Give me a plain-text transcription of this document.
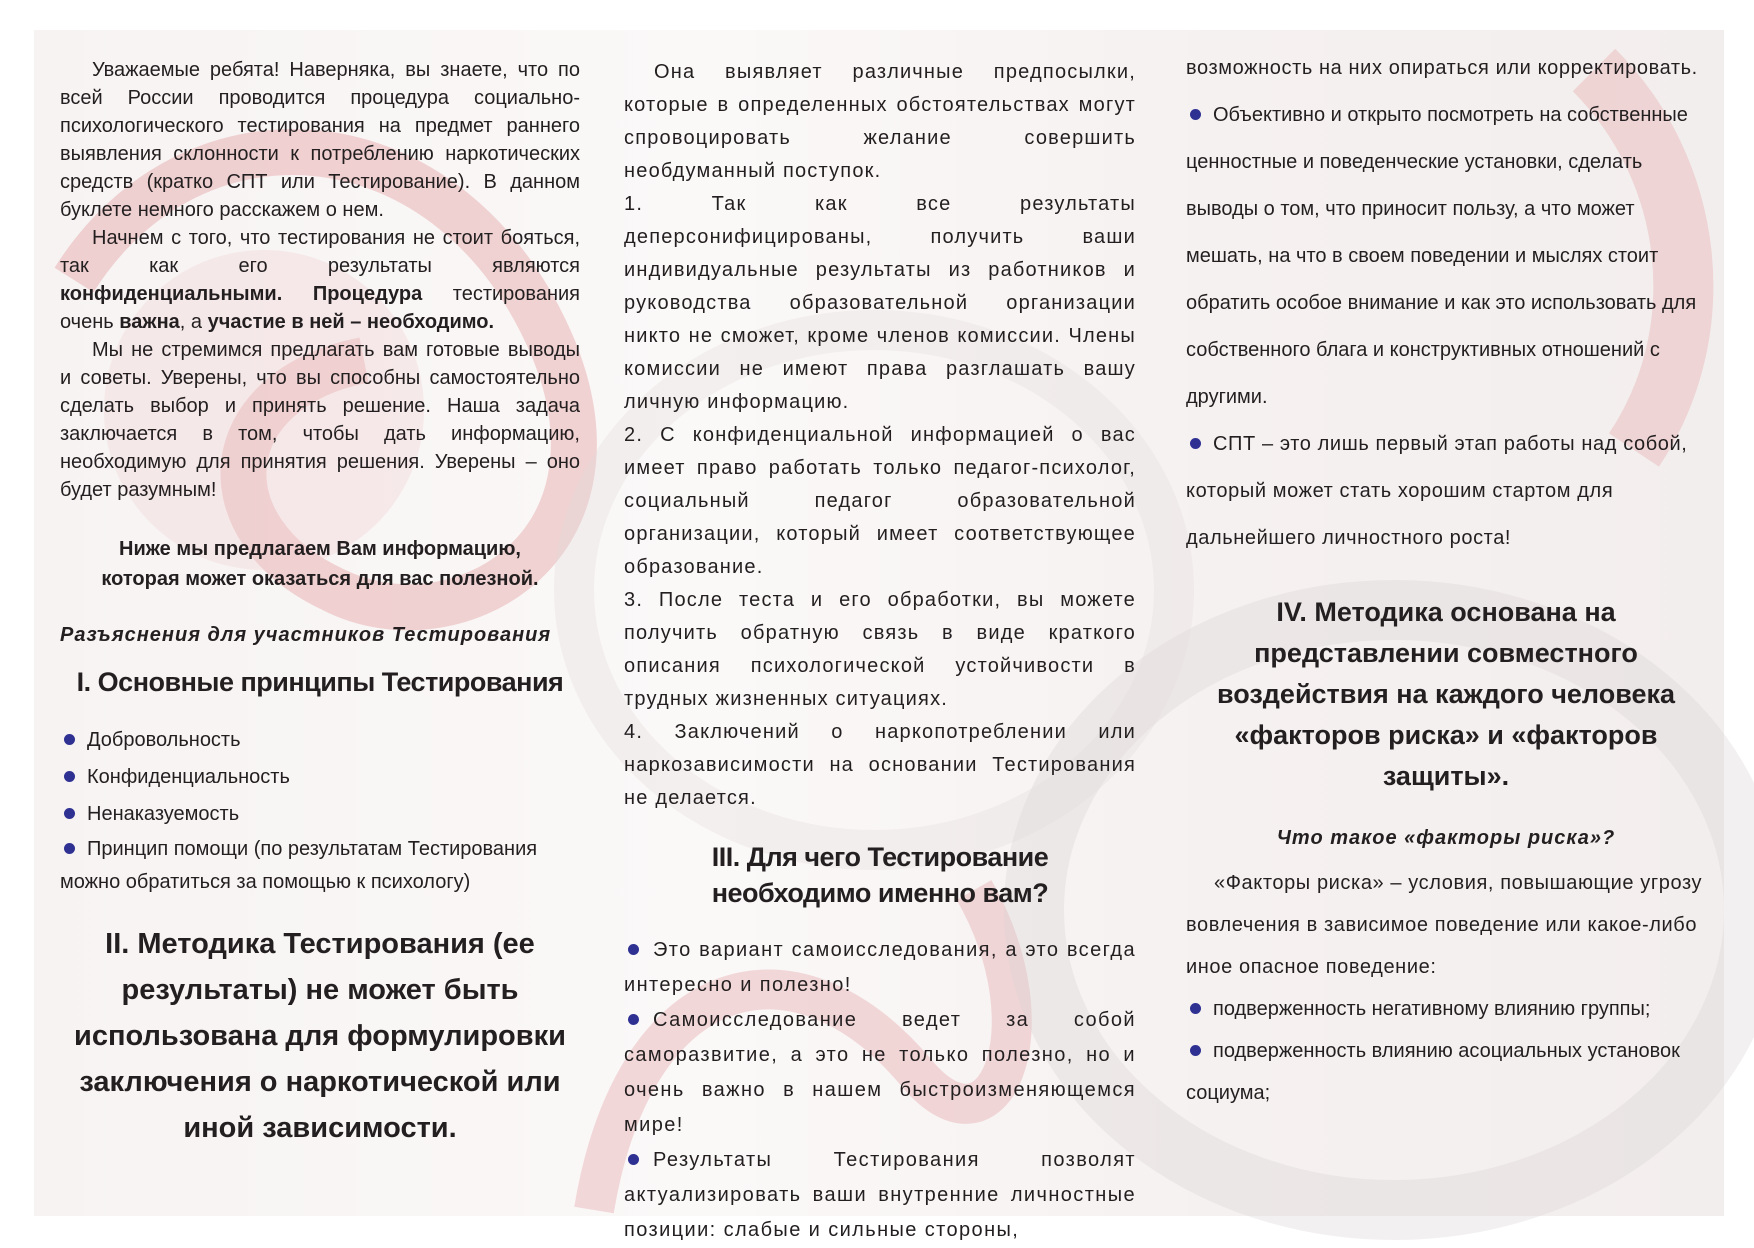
Уважаемые ребята! Наверняка, вы знаете, что по всей России проводится процедура социально-психологического тестирования на предмет раннего выявления склонности к потреблению наркотических средств (кратко СПТ или Тестирование). В данном буклете немного расскажем о нем.

Начнем с того, что тестирования не стоит бояться, так как его результаты являются конфиденциальными. Процедура тестирования очень важна, а участие в ней – необходимо.

Мы не стремимся предлагать вам готовые выводы и советы. Уверены, что вы способны самостоятельно сделать выбор и принять решение. Наша задача заключается в том, чтобы дать информацию, необходимую для принятия решения. Уверены – оно будет разумным!

Ниже мы предлагаем Вам информацию, которая может оказаться для вас полезной.

Разъяснения для участников Тестирования

I. Основные принципы Тестирования

Добровольность
Конфиденциальность
Ненаказуемость
Принцип помощи (по результатам Тестирования можно обратиться за помощью к психологу)

II. Методика Тестирования (ее результаты) не может быть использована для формулировки заключения о наркотической или иной зависимости.

Она выявляет различные предпосылки, которые в определенных обстоятельствах могут спровоцировать желание совершить необдуманный поступок.

1. Так как все результаты деперсонифицированы, получить ваши индивидуальные результаты из работников и руководства образовательной организации никто не сможет, кроме членов комиссии. Члены комиссии не имеют права разглашать вашу личную информацию.

2. С конфиденциальной информацией о вас имеет право работать только педагог-психолог, социальный педагог образовательной организации, который имеет соответствующее образование.

3. После теста и его обработки, вы можете получить обратную связь в виде краткого описания психологической устойчивости в трудных жизненных ситуациях.

4. Заключений о наркопотреблении или наркозависимости на основании Тестирования не делается.

III. Для чего Тестирование необходимо именно вам?

Это вариант самоисследования, а это всегда интересно и полезно!

Самоисследование ведет за собой саморазвитие, а это не только полезно, но и очень важно в нашем быстроизменяющемся мире!

Результаты Тестирования позволят актуализировать ваши внутренние личностные позиции: слабые и сильные стороны,

возможность на них опираться или корректировать.

Объективно и открыто посмотреть на собственные ценностные и поведенческие установки, сделать выводы о том, что приносит пользу, а что может мешать, на что в своем поведении и мыслях стоит обратить особое внимание и как это использовать для собственного блага и конструктивных отношений с другими.

СПТ – это лишь первый этап работы над собой, который может стать хорошим стартом для дальнейшего личностного роста!

IV. Методика основана на представлении совместного воздействия на каждого человека «факторов риска» и «факторов защиты».

Что такое «факторы риска»?

«Факторы риска» – условия, повышающие угрозу вовлечения в зависимое поведение или какое-либо иное опасное поведение:

подверженность негативному влиянию группы;

подверженность влиянию асоциальных установок социума;
